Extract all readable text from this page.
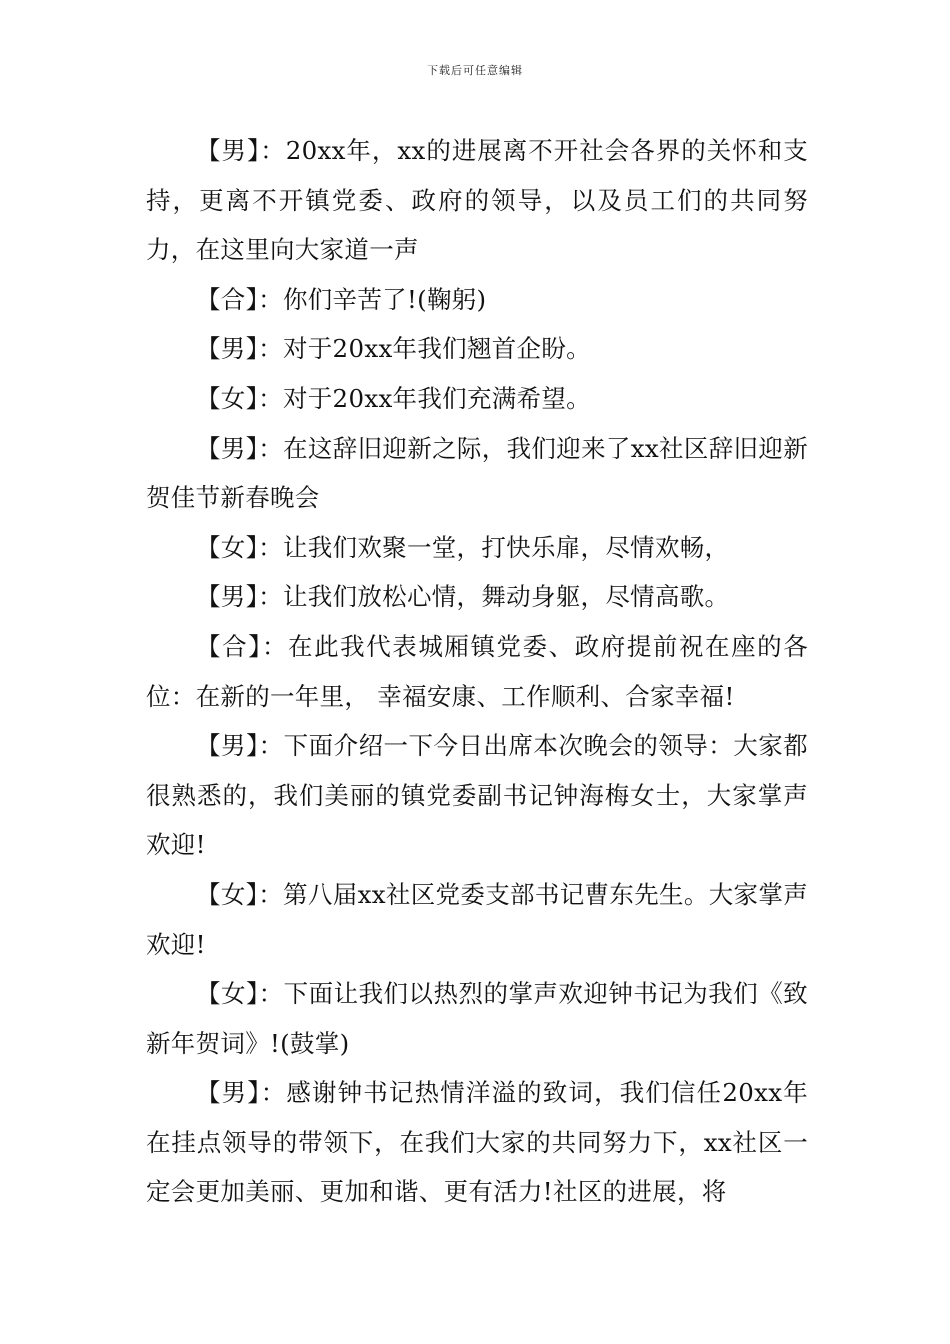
下载后可任意编辑

【男】：20xx年，xx的进展离不开社会各界的关怀和支持，更离不开镇党委、政府的领导，以及员工们的共同努力，在这里向大家道一声

【合】：你们辛苦了!(鞠躬)

【男】：对于20xx年我们翘首企盼。

【女】：对于20xx年我们充满希望。

【男】：在这辞旧迎新之际，我们迎来了xx社区辞旧迎新贺佳节新春晚会

【女】：让我们欢聚一堂，打快乐扉，尽情欢畅，

【男】：让我们放松心情，舞动身躯，尽情高歌。

【合】：在此我代表城厢镇党委、政府提前祝在座的各位：在新的一年里， 幸福安康、工作顺利、合家幸福!

【男】：下面介绍一下今日出席本次晚会的领导：大家都很熟悉的，我们美丽的镇党委副书记钟海梅女士，大家掌声欢迎!

【女】：第八届xx社区党委支部书记曹东先生。大家掌声欢迎!

【女】：下面让我们以热烈的掌声欢迎钟书记为我们《致新年贺词》!(鼓掌)

【男】：感谢钟书记热情洋溢的致词，我们信任20xx年在挂点领导的带领下，在我们大家的共同努力下，xx社区一定会更加美丽、更加和谐、更有活力!社区的进展，将
